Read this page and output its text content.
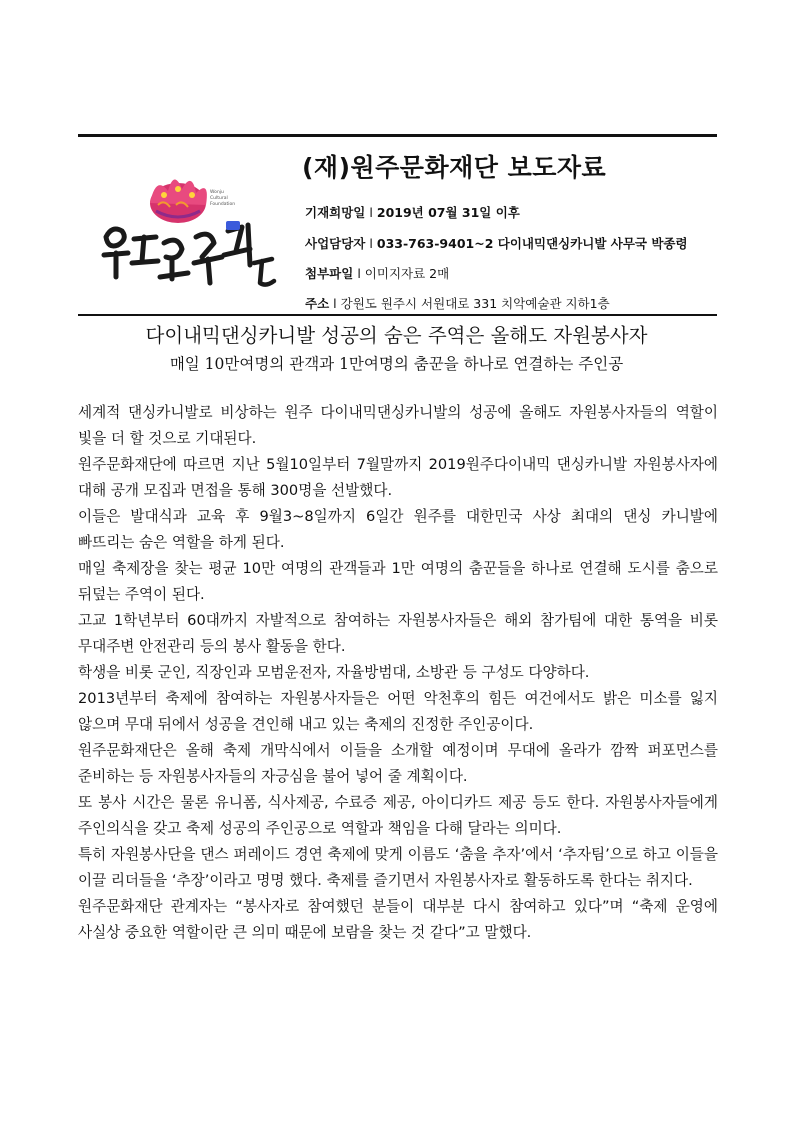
Wonju
Cultural
Foundation
(재)원주문화재단 보도자료
기재희망일 l 2019년 07월 31일 이후
사업담당자 l 033-763-9401~2 다이내믹댄싱카니발 사무국 박종령
첨부파일 l 이미지자료 2매
주소 l 강원도 원주시 서원대로 331 치악예술관 지하1층
다이내믹댄싱카니발 성공의 숨은 주역은 올해도 자원봉사자
매일 10만여명의 관객과 1만여명의 춤꾼을 하나로 연결하는 주인공

세계적 댄싱카니발로 비상하는 원주 다이내믹댄싱카니발의 성공에 올해도 자원봉사자들의 역할이 빛을 더 할 것으로 기대된다.

원주문화재단에 따르면 지난 5월10일부터 7월말까지 2019원주다이내믹 댄싱카니발 자원봉사자에 대해 공개 모집과 면접을 통해 300명을 선발했다.

이들은 발대식과 교육 후 9월3~8일까지 6일간 원주를 대한민국 사상 최대의 댄싱 카니발에 빠뜨리는 숨은 역할을 하게 된다.

매일 축제장을 찾는 평균 10만 여명의 관객들과 1만 여명의 춤꾼들을 하나로 연결해 도시를 춤으로 뒤덮는 주역이 된다.

고교 1학년부터 60대까지 자발적으로 참여하는 자원봉사자들은 해외 참가팀에 대한 통역을 비롯 무대주변 안전관리 등의 봉사 활동을 한다.

학생을 비롯 군인, 직장인과 모범운전자, 자율방범대, 소방관 등 구성도 다양하다.

2013년부터 축제에 참여하는 자원봉사자들은 어떤 악천후의 힘든 여건에서도 밝은 미소를 잃지 않으며 무대 뒤에서 성공을 견인해 내고 있는 축제의 진정한 주인공이다.

원주문화재단은 올해 축제 개막식에서 이들을 소개할 예정이며 무대에 올라가 깜짝 퍼포먼스를 준비하는 등 자원봉사자들의 자긍심을 불어 넣어 줄 계획이다.

또 봉사 시간은 물론 유니폼, 식사제공, 수료증 제공, 아이디카드 제공 등도 한다. 자원봉사자들에게 주인의식을 갖고 축제 성공의 주인공으로 역할과 책임을 다해 달라는 의미다.

특히 자원봉사단을 댄스 퍼레이드 경연 축제에 맞게 이름도 ‘춤을 추자’에서 ‘추자팀’으로 하고 이들을 이끌 리더들을 ‘추장’이라고 명명 했다. 축제를 즐기면서 자원봉사자로 활동하도록 한다는 취지다.

원주문화재단 관계자는 “봉사자로 참여했던 분들이 대부분 다시 참여하고 있다”며 “축제 운영에 사실상 중요한 역할이란 큰 의미 때문에 보람을 찾는 것 같다”고 말했다.
